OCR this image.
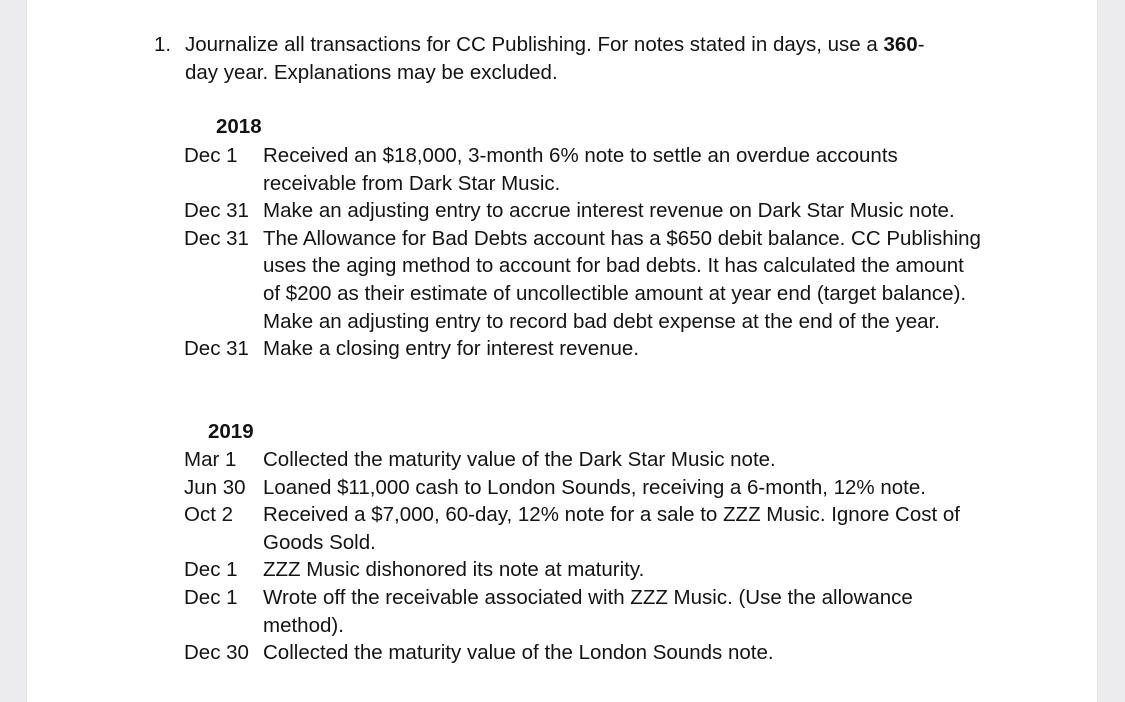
1. Journalize all transactions for CC Publishing. For notes stated in days, use a 360-day year. Explanations may be excluded.
2018
Dec 1	Received an $18,000, 3-month 6% note to settle an overdue accounts receivable from Dark Star Music.
Dec 31 Make an adjusting entry to accrue interest revenue on Dark Star Music note.
Dec 31 The Allowance for Bad Debts account has a $650 debit balance. CC Publishing uses the aging method to account for bad debts. It has calculated the amount of $200 as their estimate of uncollectible amount at year end (target balance). Make an adjusting entry to record bad debt expense at the end of the year.
Dec 31 Make a closing entry for interest revenue.
2019
Mar 1	Collected the maturity value of the Dark Star Music note.
Jun 30 Loaned $11,000 cash to London Sounds, receiving a 6-month, 12% note.
Oct 2	Received a $7,000, 60-day, 12% note for a sale to ZZZ Music. Ignore Cost of Goods Sold.
Dec 1	ZZZ Music dishonored its note at maturity.
Dec 1	Wrote off the receivable associated with ZZZ Music. (Use the allowance method).
Dec 30 Collected the maturity value of the London Sounds note.
